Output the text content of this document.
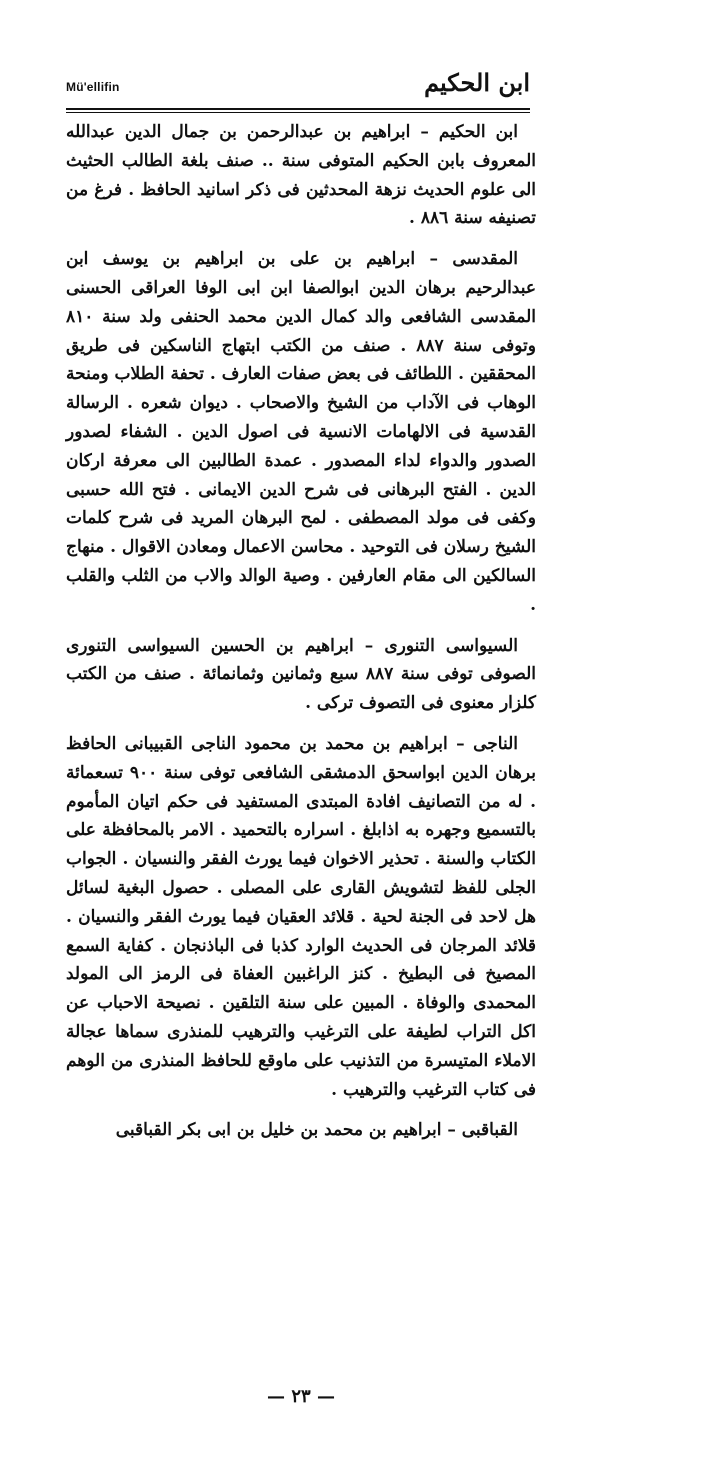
Mü'ellifin	ابن الحكيم

ابن الحكيم – ابراهيم بن عبدالرحمن بن جمال الدين عبدالله المعروف بابن الحكيم المتوفى سنة .. صنف بلغة الطالب الحثيث الى علوم الحديث نزهة المحدثين فى ذكر اسانيد الحافظ . فرغ من تصنيفه سنة ٨٨٦ .

المقدسى – ابراهيم بن على بن ابراهيم بن يوسف ابن عبدالرحيم برهان الدين ابوالصفا ابن ابى الوفا العراقى الحسنى المقدسى الشافعى والد كمال الدين محمد الحنفى ولد سنة ٨١٠ وتوفى سنة ٨٨٧ . صنف من الكتب ابتهاج الناسكين فى طريق المحققين . اللطائف فى بعض صفات العارف . تحفة الطلاب ومنحة الوهاب فى الآداب من الشيخ والاصحاب . ديوان شعره . الرسالة القدسية فى الالهامات الانسية فى اصول الدين . الشفاء لصدور الصدور والدواء لداء المصدور . عمدة الطالبين الى معرفة اركان الدين . الفتح البرهانى فى شرح الدين الايمانى . فتح الله حسبى وكفى فى مولد المصطفى . لمح البرهان المريد فى شرح كلمات الشيخ رسلان فى التوحيد . محاسن الاعمال ومعادن الاقوال . منهاج السالكين الى مقام العارفين . وصية الوالد والاب من الثلب والقلب .

السيواسى التنورى – ابراهيم بن الحسين السيواسى التنورى الصوفى توفى سنة ٨٨٧ سبع وثمانين وثمانمائة . صنف من الكتب كلزار معنوى فى التصوف تركى .

الناجى – ابراهيم بن محمد بن محمود الناجى القبيبانى الحافظ برهان الدين ابواسحق الدمشقى الشافعى توفى سنة ٩٠٠ تسعمائة . له من التصانيف افادة المبتدى المستفيد فى حكم اتيان المأموم بالتسميع وجهره به اذابلغ . اسراره بالتحميد . الامر بالمحافظة على الكتاب والسنة . تحذير الاخوان فيما يورث الفقر والنسيان . الجواب الجلى للفظ لتشويش القارى على المصلى . حصول البغية لسائل هل لاحد فى الجنة لحية . قلائد العقيان فيما يورث الفقر والنسيان . قلائد المرجان فى الحديث الوارد كذبا فى الباذنجان . كفاية السمع المصيخ فى البطيخ . كنز الراغبين العفاة فى الرمز الى المولد المحمدى والوفاة . المبين على سنة التلقين . نصيحة الاحباب عن اكل التراب لطيفة على الترغيب والترهيب للمنذرى سماها عجالة الاملاء المتيسرة من التذنيب على ماوقع للحافظ المنذرى من الوهم فى كتاب الترغيب والترهيب .

القباقبى – ابراهيم بن محمد بن خليل بن ابى بكر القباقبى

— ٢٣ —
